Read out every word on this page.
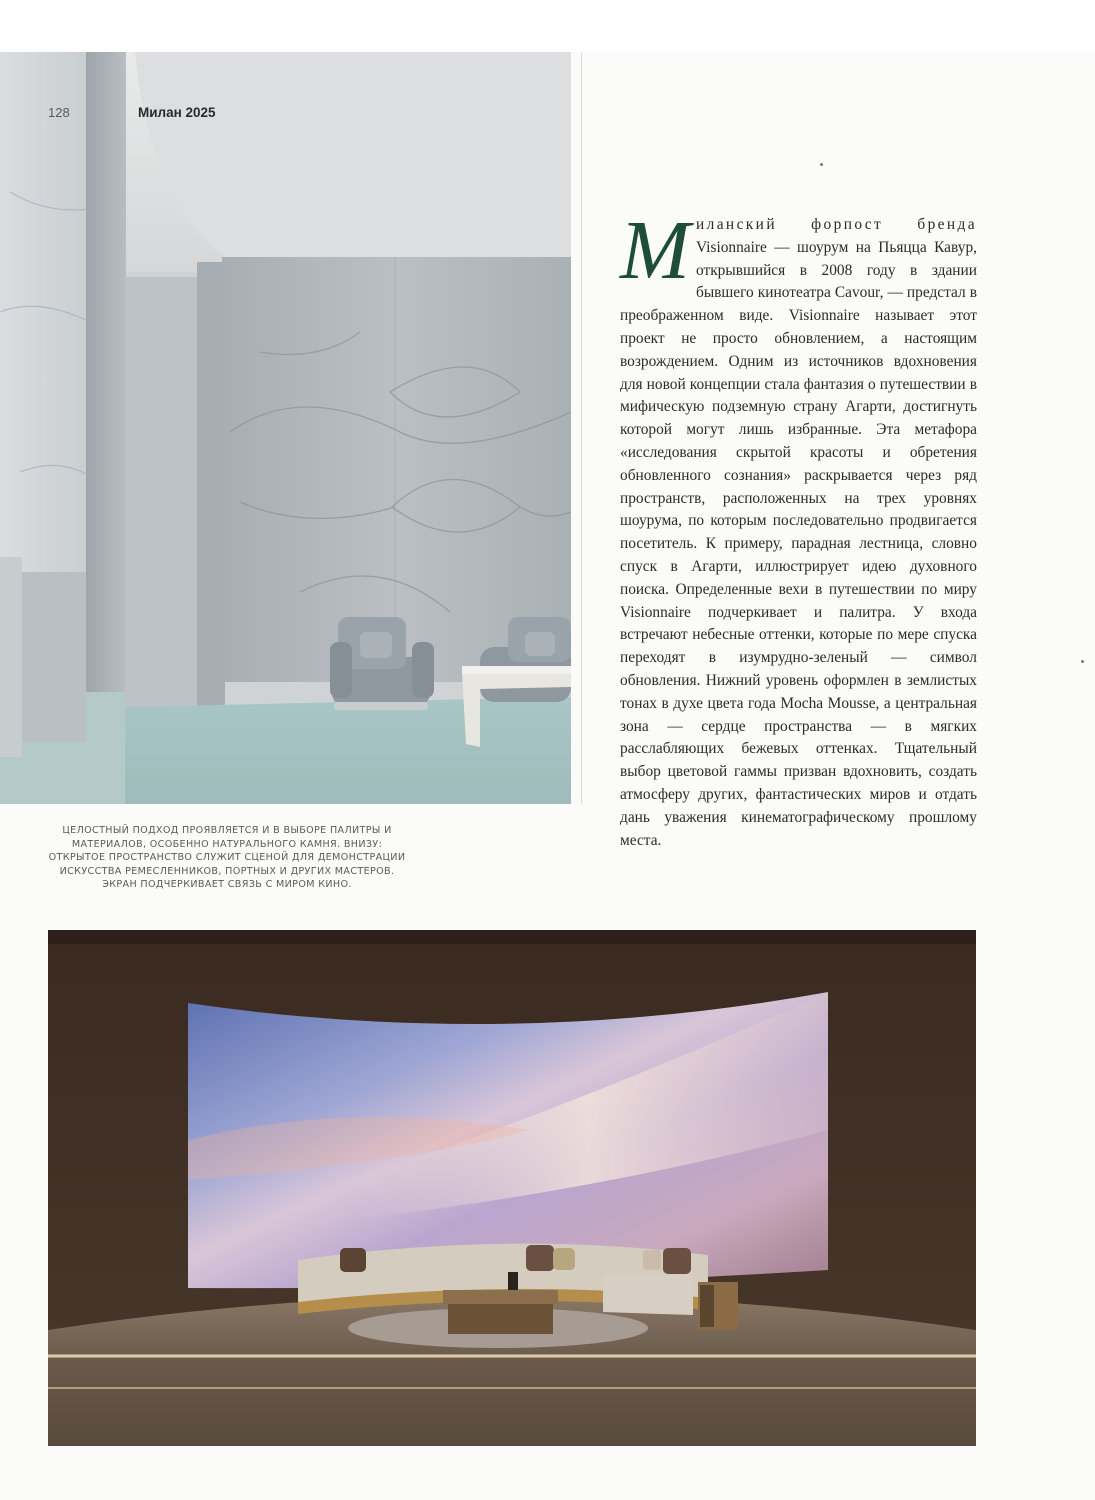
128	Милан 2025
ЦЕЛОСТНЫЙ ПОДХОД ПРОЯВЛЯЕТСЯ И В ВЫБОРЕ ПАЛИТРЫ И МАТЕРИАЛОВ, ОСОБЕННО НАТУРАЛЬНОГО КАМНЯ. ВНИЗУ: ОТКРЫТОЕ ПРОСТРАНСТВО СЛУЖИТ СЦЕНОЙ ДЛЯ ДЕМОНСТРАЦИИ ИСКУССТВА РЕМЕСЛЕННИКОВ, ПОРТНЫХ И ДРУГИХ МАСТЕРОВ. ЭКРАН ПОДЧЕРКИВАЕТ СВЯЗЬ С МИРОМ КИНО.
М иланский форпост бренда Visionnaire — шоурум на Пьяцца Кавур, открывшийся в 2008 году в здании бывшего кинотеатра Cavour, — предстал в преображенном виде. Visionnaire называет этот проект не просто обновлением, а настоящим возрождением. Одним из источников вдохновения для новой концепции стала фантазия о путешествии в мифическую подземную страну Агарти, достигнуть которой могут лишь избранные. Эта метафора «исследования скрытой красоты и обретения обновленного сознания» раскрывается через ряд пространств, расположенных на трех уровнях шоурума, по которым последовательно продвигается посетитель. К примеру, парадная лестница, словно спуск в Агарти, иллюстрирует идею духовного поиска. Определенные вехи в путешествии по миру Visionnaire подчеркивает и палитра. У входа встречают небесные оттенки, которые по мере спуска переходят в изумрудно-зеленый — символ обновления. Нижний уровень оформлен в землистых тонах в духе цвета года Mocha Mousse, а центральная зона — сердце пространства — в мягких расслабляющих бежевых оттенках. Тщательный выбор цветовой гаммы призван вдохновить, создать атмосферу других, фантастических миров и отдать дань уважения кинематографическому прошлому места.
